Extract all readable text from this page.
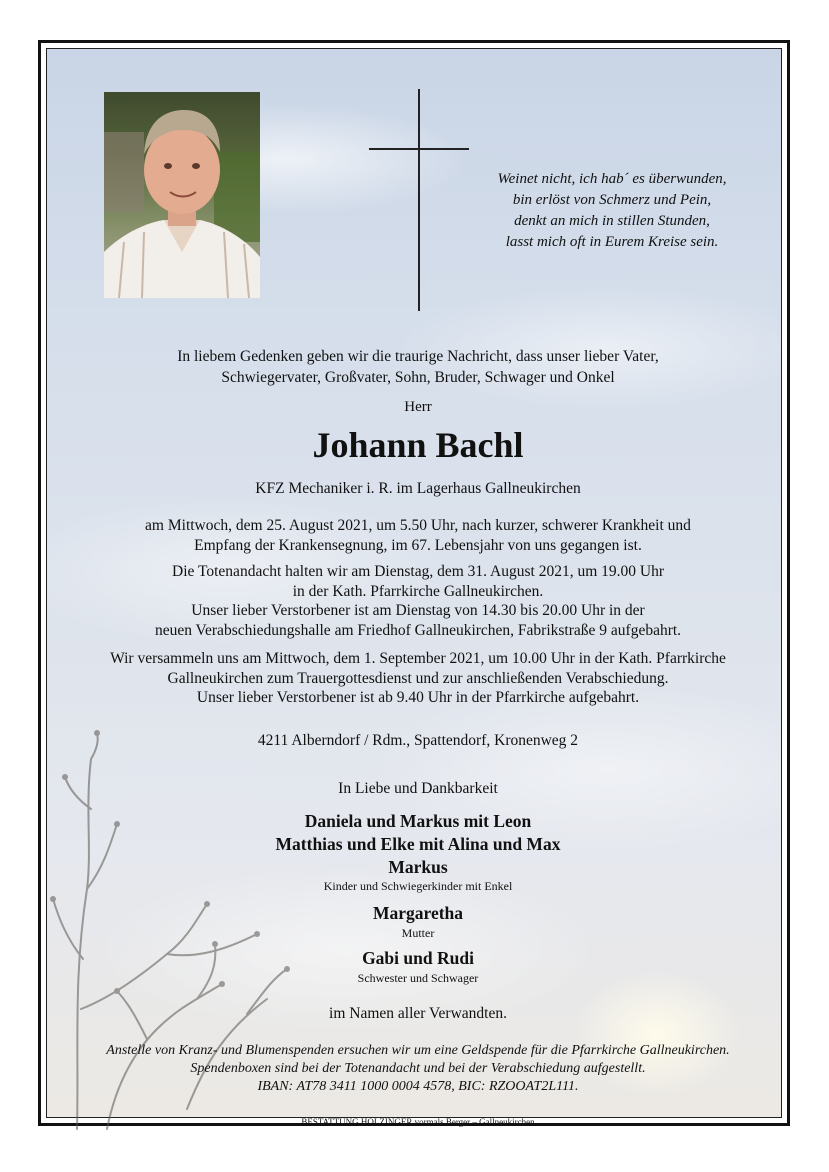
Weinet nicht, ich hab´ es überwunden,
bin erlöst von Schmerz und Pein,
denkt an mich in stillen Stunden,
lasst mich oft in Eurem Kreise sein.
In liebem Gedenken geben wir die traurige Nachricht, dass unser lieber Vater,
Schwiegervater, Großvater, Sohn, Bruder, Schwager und Onkel
Herr
Johann Bachl
KFZ Mechaniker i. R. im Lagerhaus Gallneukirchen
am Mittwoch, dem 25. August 2021, um 5.50 Uhr, nach kurzer, schwerer Krankheit und
Empfang der Krankensegnung, im 67. Lebensjahr von uns gegangen ist.
Die Totenandacht halten wir am Dienstag, dem 31. August 2021, um 19.00 Uhr
in der Kath. Pfarrkirche Gallneukirchen.
Unser lieber Verstorbener ist am Dienstag von 14.30 bis 20.00 Uhr in der
neuen Verabschiedungshalle am Friedhof Gallneukirchen, Fabrikstraße 9 aufgebahrt.
Wir versammeln uns am Mittwoch, dem 1. September 2021, um 10.00 Uhr in der Kath. Pfarrkirche
Gallneukirchen zum Trauergottesdienst und zur anschließenden Verabschiedung.
Unser lieber Verstorbener ist ab 9.40 Uhr in der Pfarrkirche aufgebahrt.
4211 Alberndorf / Rdm., Spattendorf, Kronenweg 2
In Liebe und Dankbarkeit
Daniela und Markus mit Leon
Matthias und Elke mit Alina und Max
Markus
Kinder und Schwiegerkinder mit Enkel
Margaretha
Mutter
Gabi und Rudi
Schwester und Schwager
im Namen aller Verwandten.
Anstelle von Kranz- und Blumenspenden ersuchen wir um eine Geldspende für die Pfarrkirche Gallneukirchen.
Spendenboxen sind bei der Totenandacht und bei der Verabschiedung aufgestellt.
IBAN: AT78 3411 1000 0004 4578, BIC: RZOOAT2L111.
BESTATTUNG HOLZINGER vormals Berger – Gallneukirchen
